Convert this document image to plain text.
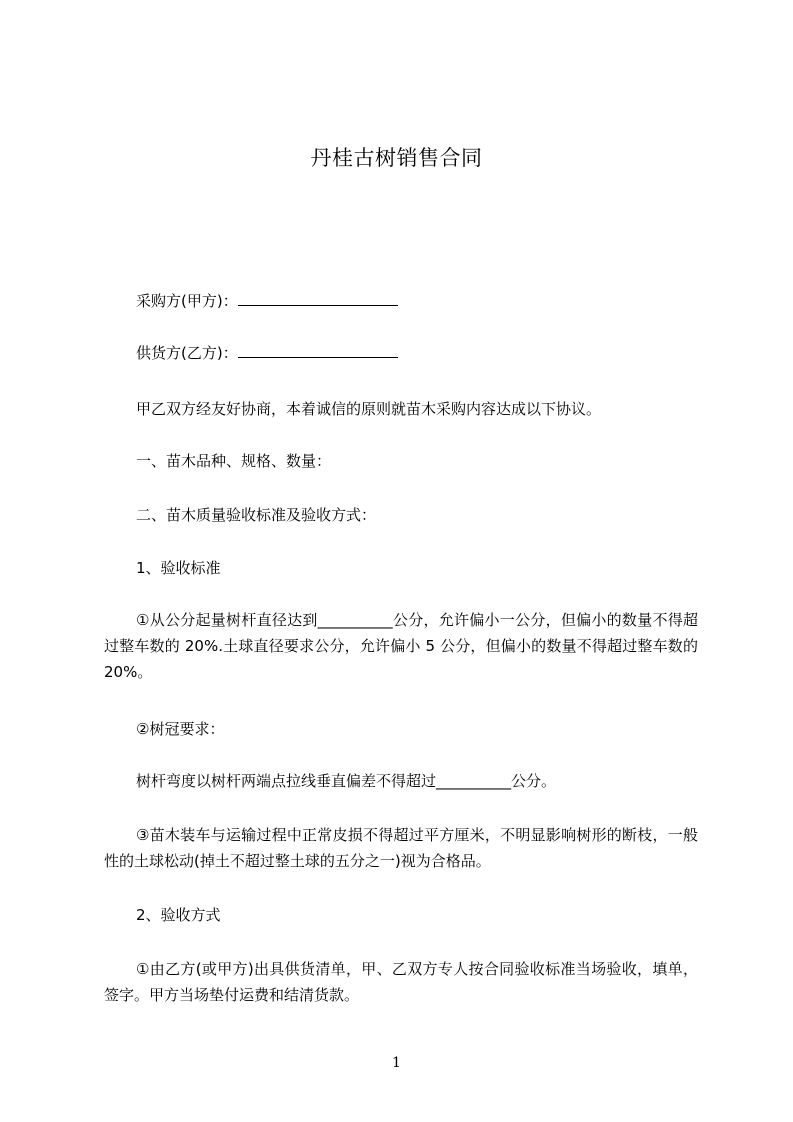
丹桂古树销售合同
采购方(甲方)：
供货方(乙方)：
甲乙双方经友好协商，本着诚信的原则就苗木采购内容达成以下协议。
一、苗木品种、规格、数量：
二、苗木质量验收标准及验收方式：
1、验收标准
①从公分起量树杆直径达到__________公分，允许偏小一公分，但偏小的数量不得超过整车数的 20%.土球直径要求公分，允许偏小 5 公分，但偏小的数量不得超过整车数的 20%。
②树冠要求：
树杆弯度以树杆两端点拉线垂直偏差不得超过__________公分。
③苗木装车与运输过程中正常皮损不得超过平方厘米，不明显影响树形的断枝，一般性的土球松动(掉土不超过整土球的五分之一)视为合格品。
2、验收方式
①由乙方(或甲方)出具供货清单，甲、乙双方专人按合同验收标准当场验收，填单，签字。甲方当场垫付运费和结清货款。
1
